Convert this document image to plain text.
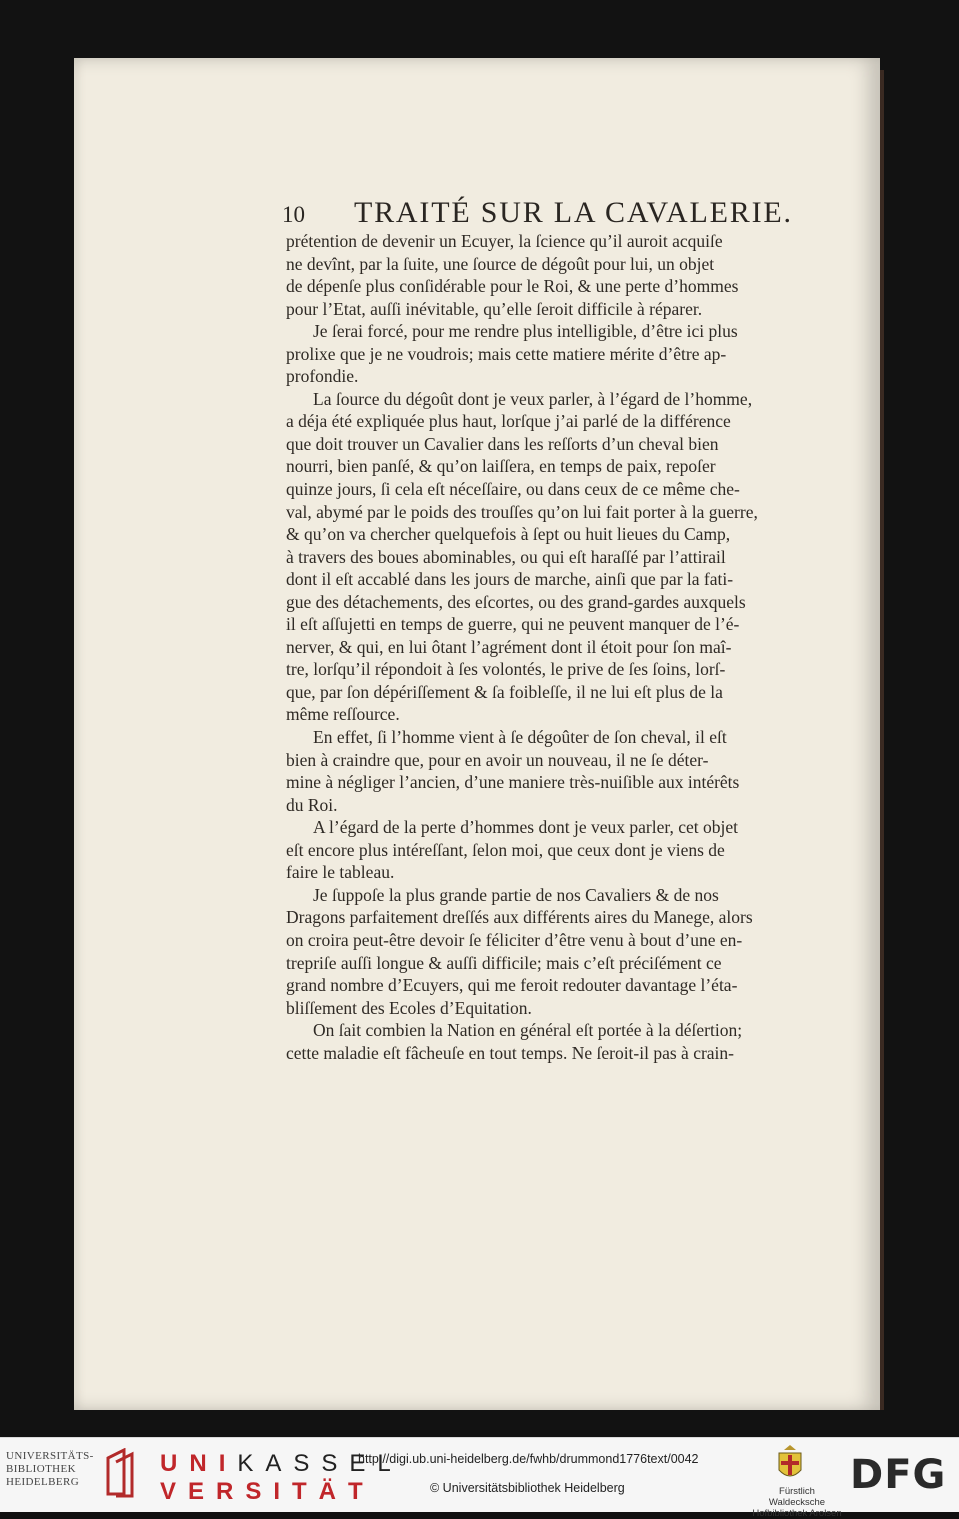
10 TRAITÉ SUR LA CAVALERIE.
prétention de devenir un Ecuyer, la ſcience qu’il auroit acquiſe
ne devînt, par la ſuite, une ſource de dégoût pour lui, un objet
de dépenſe plus conſidérable pour le Roi, & une perte d’hommes
pour l’Etat, auſſi inévitable, qu’elle ſeroit difficile à réparer.
Je ſerai forcé, pour me rendre plus intelligible, d’être ici plus
prolixe que je ne voudrois; mais cette matiere mérite d’être ap-
profondie.
La ſource du dégoût dont je veux parler, à l’égard de l’homme,
a déja été expliquée plus haut, lorſque j’ai parlé de la différence
que doit trouver un Cavalier dans les reſſorts d’un cheval bien
nourri, bien panſé, & qu’on laiſſera, en temps de paix, repoſer
quinze jours, ſi cela eſt néceſſaire, ou dans ceux de ce même che-
val, abymé par le poids des trouſſes qu’on lui fait porter à la guerre,
& qu’on va chercher quelquefois à ſept ou huit lieues du Camp,
à travers des boues abominables, ou qui eſt haraſſé par l’attirail
dont il eſt accablé dans les jours de marche, ainſi que par la fati-
gue des détachements, des eſcortes, ou des grand-gardes auxquels
il eſt aſſujetti en temps de guerre, qui ne peuvent manquer de l’é-
nerver, & qui, en lui ôtant l’agrément dont il étoit pour ſon maî-
tre, lorſqu’il répondoit à ſes volontés, le prive de ſes ſoins, lorſ-
que, par ſon dépériſſement & ſa foibleſſe, il ne lui eſt plus de la
même reſſource.
En effet, ſi l’homme vient à ſe dégoûter de ſon cheval, il eſt
bien à craindre que, pour en avoir un nouveau, il ne ſe déter-
mine à négliger l’ancien, d’une maniere très-nuiſible aux intérêts
du Roi.
A l’égard de la perte d’hommes dont je veux parler, cet objet
eſt encore plus intéreſſant, ſelon moi, que ceux dont je viens de
faire le tableau.
Je ſuppoſe la plus grande partie de nos Cavaliers & de nos
Dragons parfaitement dreſſés aux différents aires du Manege, alors
on croira peut-être devoir ſe féliciter d’être venu à bout d’une en-
trepriſe auſſi longue & auſſi difficile; mais c’eſt préciſément ce
grand nombre d’Ecuyers, qui me feroit redouter davantage l’éta-
bliſſement des Ecoles d’Equitation.
On ſait combien la Nation en général eſt portée à la déſertion;
cette maladie eſt fâcheuſe en tout temps. Ne ſeroit-il pas à crain-
UNIVERSITÄTS-
BIBLIOTHEK
HEIDELBERG
UNIKASSEL
VERSITÄT
http://digi.ub.uni-heidelberg.de/fwhb/drummond1776text/0042
© Universitätsbibliothek Heidelberg	Fürstlich Waldecksche
Hofbibliothek Arolsen
DFG
